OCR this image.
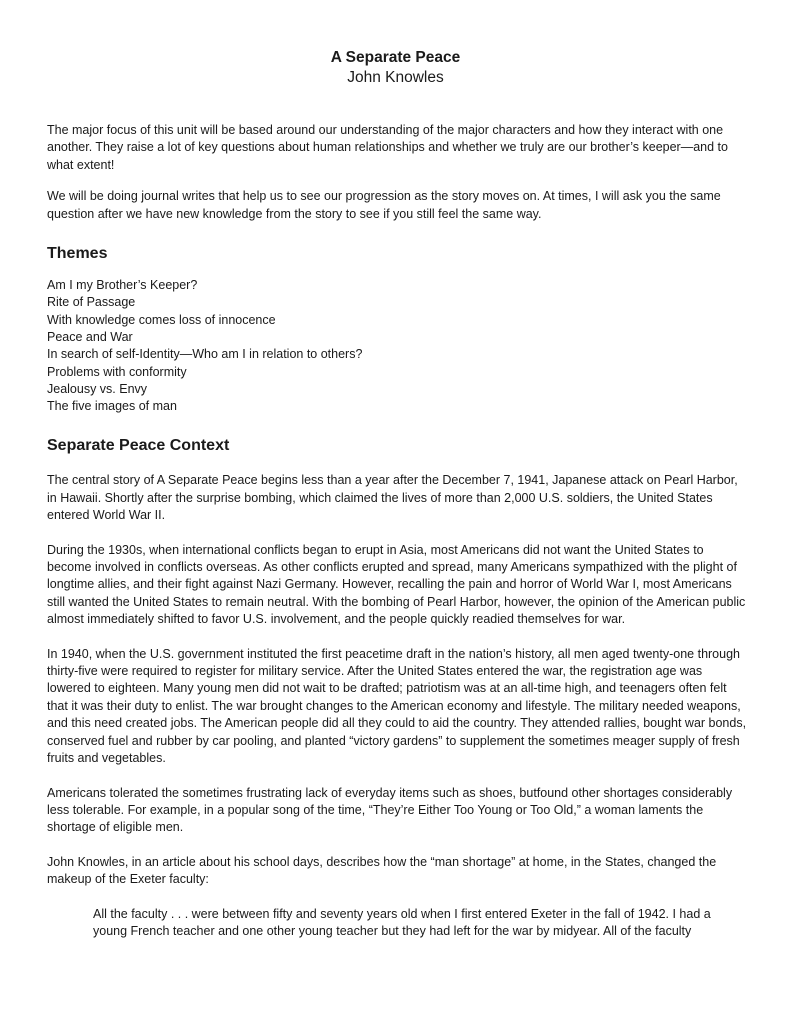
A Separate Peace

John Knowles

The major focus of this unit will be based around our understanding of the major characters and how they interact with one another. They raise a lot of key questions about human relationships and whether we truly are our brother’s keeper—and to what extent!

We will be doing journal writes that help us to see our progression as the story moves on. At times, I will ask you the same question after we have new knowledge from the story to see if you still feel the same way.

Themes
Am I my Brother’s Keeper?
Rite of Passage
With knowledge comes loss of innocence
Peace and War
In search of self-Identity—Who am I in relation to others?
Problems with conformity
Jealousy vs. Envy
The five images of man
Separate Peace Context

The central story of A Separate Peace begins less than a year after the December 7, 1941, Japanese attack on Pearl Harbor, in Hawaii. Shortly after the surprise bombing, which claimed the lives of more than 2,000 U.S. soldiers, the United States entered World War II.

During the 1930s, when international conflicts began to erupt in Asia, most Americans did not want the United States to become involved in conflicts overseas. As other conflicts erupted and spread, many Americans sympathized with the plight of longtime allies, and their fight against Nazi Germany. However, recalling the pain and horror of World War I, most Americans still wanted the United States to remain neutral. With the bombing of Pearl Harbor, however, the opinion of the American public almost immediately shifted to favor U.S. involvement, and the people quickly readied themselves for war.

In 1940, when the U.S. government instituted the first peacetime draft in the nation’s history, all men aged twenty-one through thirty-five were required to register for military service. After the United States entered the war, the registration age was lowered to eighteen. Many young men did not wait to be drafted; patriotism was at an all-time high, and teenagers often felt that it was their duty to enlist. The war brought changes to the American economy and lifestyle. The military needed weapons, and this need created jobs. The American people did all they could to aid the country. They attended rallies, bought war bonds, conserved fuel and rubber by car pooling, and planted “victory gardens” to supplement the sometimes meager supply of fresh fruits and vegetables.

Americans tolerated the sometimes frustrating lack of everyday items such as shoes, butfound other shortages considerably less tolerable. For example, in a popular song of the time, “They’re Either Too Young or Too Old,” a woman laments the shortage of eligible men.

John Knowles, in an article about his school days, describes how the “man shortage” at home, in the States, changed the makeup of the Exeter faculty:

All the faculty . . . were between fifty and seventy years old when I first entered Exeter in the fall of 1942. I had a young French teacher and one other young teacher but they had left for the war by midyear. All of the faculty
